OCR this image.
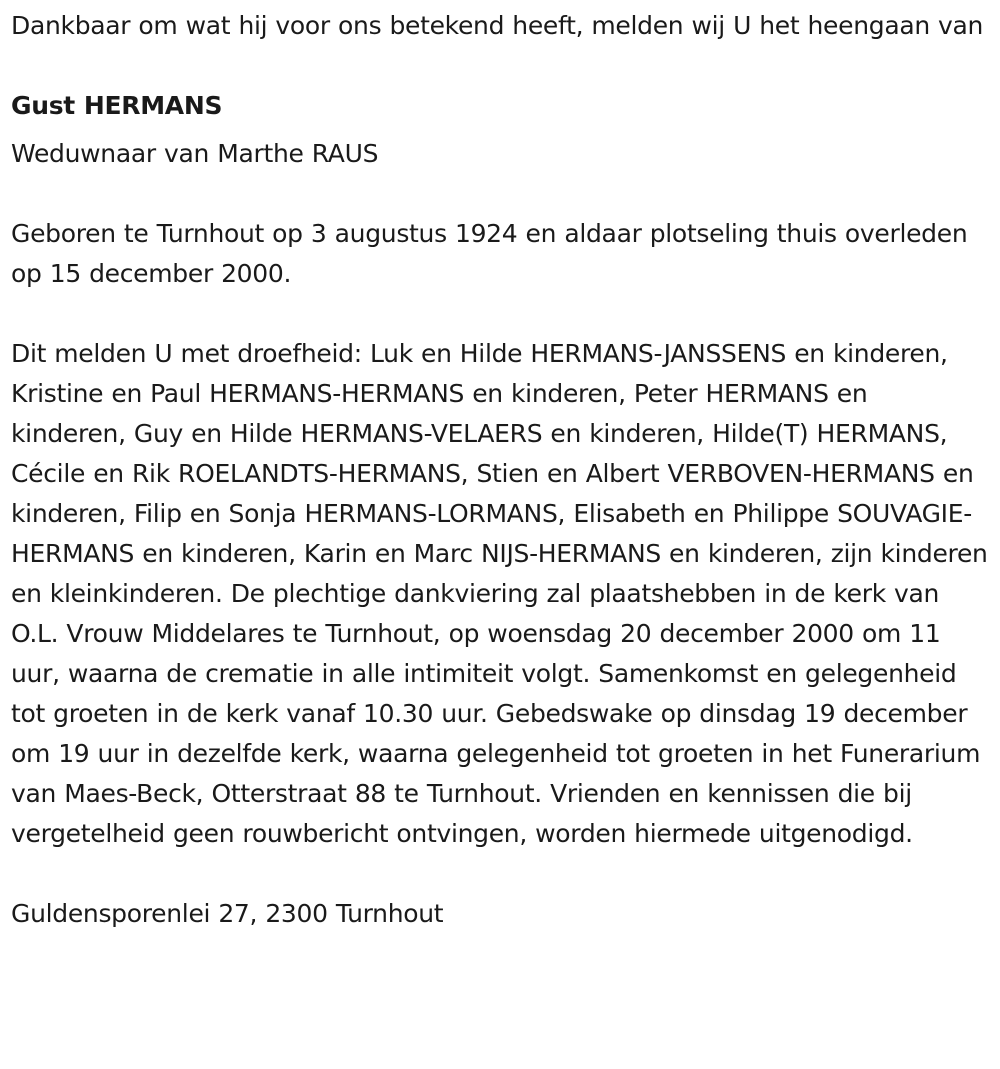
Dankbaar om wat hij voor ons betekend heeft, melden wij U het heengaan van

Gust HERMANS

Weduwnaar van Marthe RAUS

Geboren te Turnhout op 3 augustus 1924 en aldaar plotseling thuis overleden op 15 december 2000.

Dit melden U met droefheid: Luk en Hilde HERMANS-JANSSENS en kinderen, Kristine en Paul HERMANS-HERMANS en kinderen, Peter HERMANS en kinderen, Guy en Hilde HERMANS-VELAERS en kinderen, Hilde(T) HERMANS, Cécile en Rik ROELANDTS-HERMANS, Stien en Albert VERBOVEN-HERMANS en kinderen, Filip en Sonja HERMANS-LORMANS, Elisabeth en Philippe SOUVAGIE-HERMANS en kinderen, Karin en Marc NIJS-HERMANS en kinderen, zijn kinderen en kleinkinderen. De plechtige dankviering zal plaatshebben in de kerk van O.L. Vrouw Middelares te Turnhout, op woensdag 20 december 2000 om 11 uur, waarna de crematie in alle intimiteit volgt. Samenkomst en gelegenheid tot groeten in de kerk vanaf 10.30 uur. Gebedswake op dinsdag 19 december om 19 uur in dezelfde kerk, waarna gelegenheid tot groeten in het Funerarium van Maes-Beck, Otterstraat 88 te Turnhout. Vrienden en kennissen die bij vergetelheid geen rouwbericht ontvingen, worden hiermede uitgenodigd.

Guldensporenlei 27, 2300 Turnhout
